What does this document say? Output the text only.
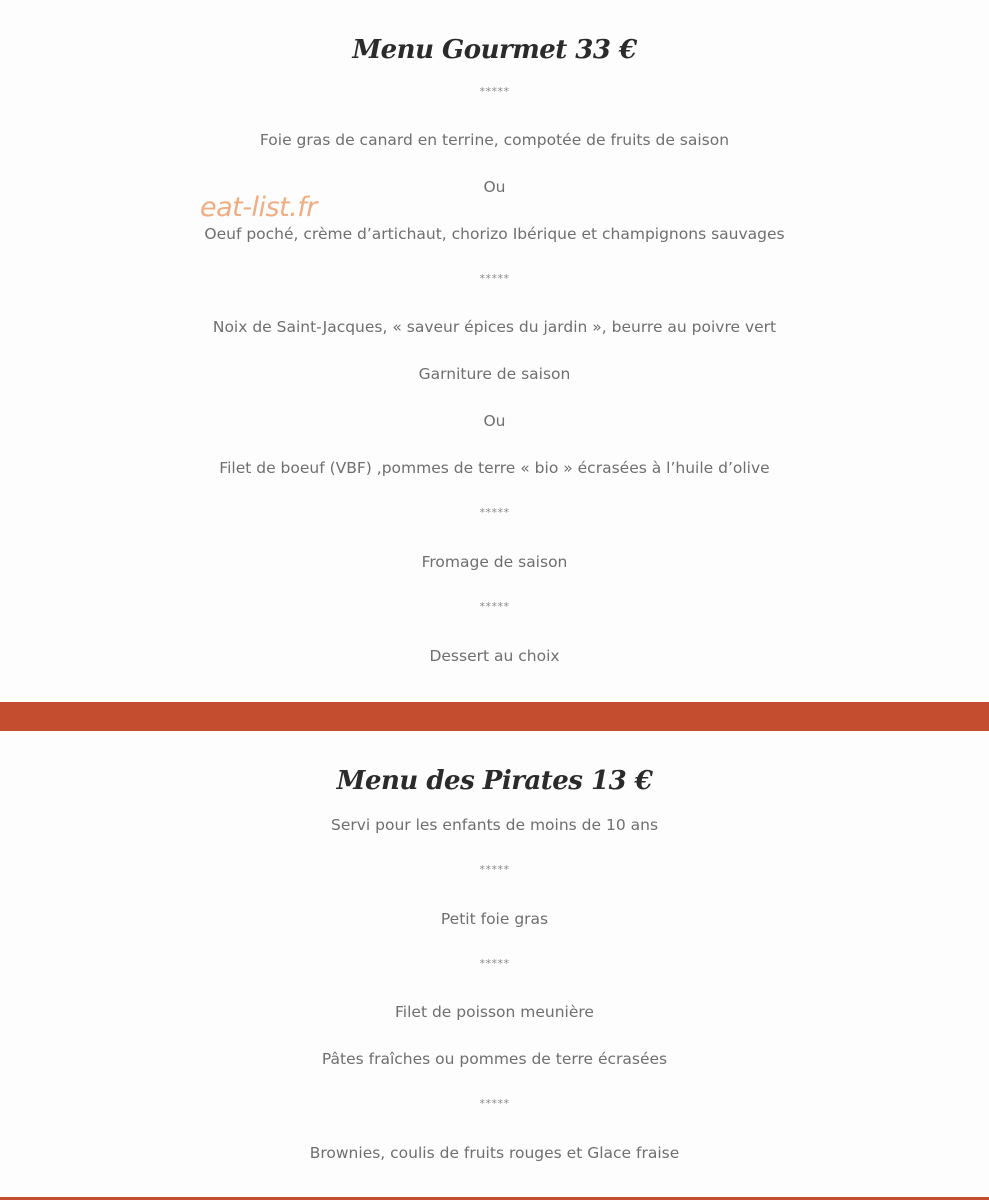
Menu Gourmet 33 €

*****

Foie gras de canard en terrine, compotée de fruits de saison

Ou

Oeuf poché, crème d’artichaut, chorizo Ibérique et champignons sauvages

*****

Noix de Saint-Jacques, « saveur épices du jardin », beurre au poivre vert

Garniture de saison

Ou

Filet de boeuf (VBF) ,pommes de terre « bio » écrasées à l’huile d’olive

*****

Fromage de saison

*****

Dessert au choix

eat-list.fr

Menu des Pirates 13 €

Servi pour les enfants de moins de 10 ans

*****

Petit foie gras

*****

Filet de poisson meunière

Pâtes fraîches ou pommes de terre écrasées

*****

Brownies, coulis de fruits rouges et Glace fraise
